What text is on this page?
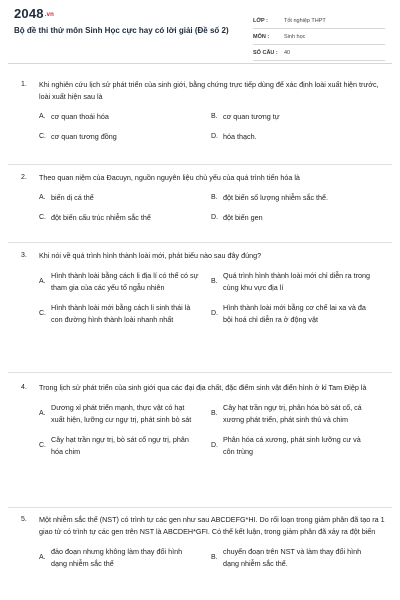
$2048^{.vn}$
Bộ đề thi thử môn Sinh Học cực hay có lời giải (Đề số 2)
LỚP :	Tốt nghiệp THPT
MÔN :	Sinh học
SỐ CÂU :	40
1. Khi nghiên cứu lịch sử phát triển của sinh giới, bằng chứng trực tiếp dùng để xác định loài xuất hiện trước, loài xuất hiện sau là
A. cơ quan thoái hóa	B. cơ quan tương tự
C. cơ quan tương đồng	D. hóa thạch.
2. Theo quan niệm của Đacuyn, nguồn nguyên liệu chủ yếu của quá trình tiến hóa là
A. biến dị cá thể	B. đột biến số lượng nhiễm sắc thể.
C. đột biến cấu trúc nhiễm sắc thể	D. đột biến gen
3. Khi nói về quá trình hình thành loài mới, phát biểu nào sau đây đúng?
A.
Hình thành loài bằng cách li địa lí có thể có sự tham gia của các yếu tố ngẫu nhiên
B.
Quá trình hình thành loài mới chỉ diễn ra trong cùng khu vực địa lí
C.
Hình thành loài mới bằng cách li sinh thái là con đường hình thành loài nhanh nhất
D.
Hình thành loài mới bằng cơ chế lai xa và đa bội hoá chỉ diễn ra ở động vật
4. Trong lịch sử phát triển của sinh giới qua các đại địa chất, đặc điểm sinh vật điển hình ở kỉ Tam Điệp là
A.
Dương xỉ phát triển mạnh, thực vật có hạt xuất hiện, lưỡng cư ngự trị, phát sinh bò sát
B.
Cây hạt trần ngự trị, phân hóa bò sát cổ, cá xương phát triển, phát sinh thú và chim
C.
Cây hạt trần ngự trị, bò sát cổ ngự trị, phân hóa chim
D.
Phân hóa cá xương, phát sinh lưỡng cư và côn trùng
5. Một nhiễm sắc thể (NST) có trình tự các gen như sau ABCDEFG*HI. Do rối loạn trong giảm phân đã tạo ra 1 giao tử có trình tự các gen trên NST là ABCDEH*GFI. Có thể kết luận, trong giảm phân đã xảy ra đột biến
A.
đảo đoạn nhưng không làm thay đổi hình dạng nhiễm sắc thể
B.
chuyển đoạn trên NST và làm thay đổi hình dạng nhiễm sắc thể.
